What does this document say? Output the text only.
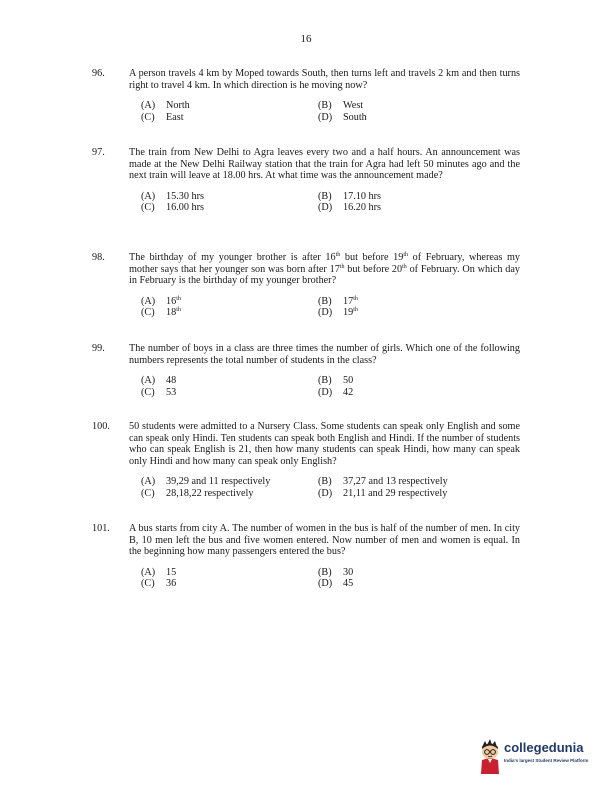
16
96. A person travels 4 km by Moped towards South, then turns left and travels 2 km and then turns right to travel 4 km. In which direction is he moving now?
(A) North	(B) West
(C) East	(D) South
97. The train from New Delhi to Agra leaves every two and a half hours. An announcement was made at the New Delhi Railway station that the train for Agra had left 50 minutes ago and the next train will leave at 18.00 hrs. At what time was the announcement made?
(A) 15.30 hrs	(B) 17.10 hrs
(C) 16.00 hrs	(D) 16.20 hrs
98. The birthday of my younger brother is after 16th but before 19th of February, whereas my mother says that her younger son was born after 17th but before 20th of February. On which day in February is the birthday of my younger brother?
(A) 16th	(B) 17th
(C) 18th	(D) 19th
99. The number of boys in a class are three times the number of girls. Which one of the following numbers represents the total number of students in the class?
(A) 48	(B) 50
(C) 53	(D) 42
100. 50 students were admitted to a Nursery Class. Some students can speak only English and some can speak only Hindi. Ten students can speak both English and Hindi. If the number of students who can speak English is 21, then how many students can speak Hindi, how many can speak only Hindi and how many can speak only English?
(A) 39,29 and 11 respectively	(B) 37,27 and 13 respectively
(C) 28,18,22 respectively	(D) 21,11 and 29 respectively
101. A bus starts from city A. The number of women in the bus is half of the number of men. In city B, 10 men left the bus and five women entered. Now number of men and women is equal. In the beginning how many passengers entered the bus?
(A) 15	(B) 30
(C) 36	(D) 45
collegedunia
India's largest Student Review Platform
